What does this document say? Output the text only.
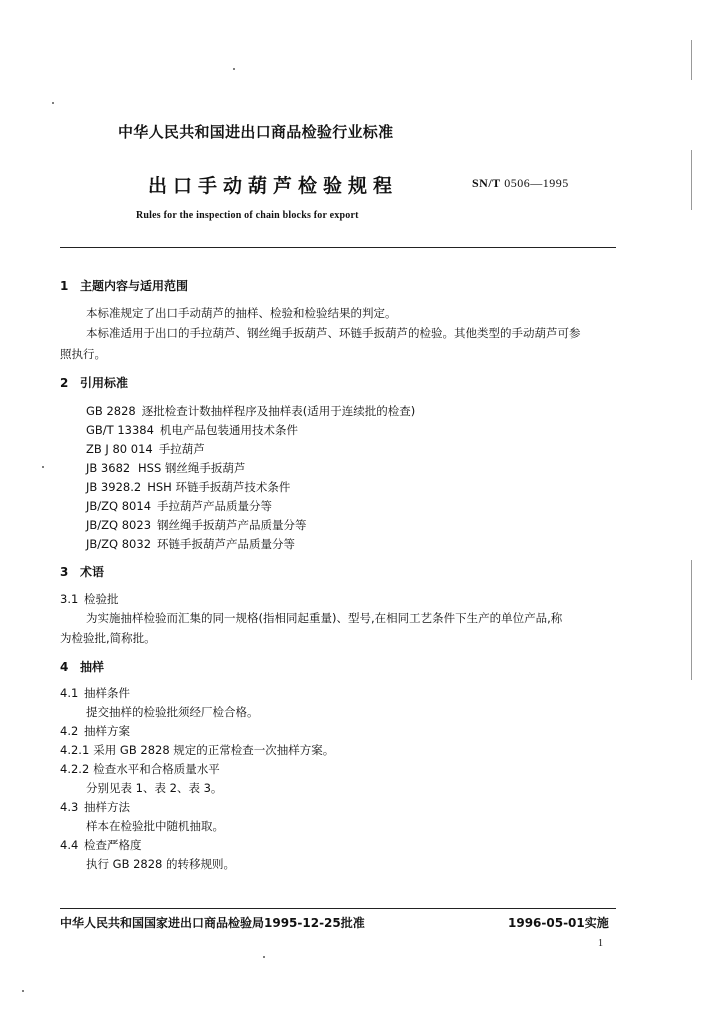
中华人民共和国进出口商品检验行业标准
出口手动葫芦检验规程	SN/T 0506—1995
Rules for the inspection of chain blocks for export
1 主题内容与适用范围
本标准规定了出口手动葫芦的抽样、检验和检验结果的判定。
本标准适用于出口的手拉葫芦、钢丝绳手扳葫芦、环链手扳葫芦的检验。其他类型的手动葫芦可参
照执行。
2 引用标准
GB 2828 逐批检查计数抽样程序及抽样表(适用于连续批的检查)
GB/T 13384 机电产品包装通用技术条件
ZB J 80 014 手拉葫芦
JB 3682 HSS 钢丝绳手扳葫芦
JB 3928.2 HSH 环链手扳葫芦技术条件
JB/ZQ 8014 手拉葫芦产品质量分等
JB/ZQ 8023 钢丝绳手扳葫芦产品质量分等
JB/ZQ 8032 环链手扳葫芦产品质量分等
3 术语
3.1 检验批
为实施抽样检验而汇集的同一规格(指相同起重量)、型号,在相同工艺条件下生产的单位产品,称
为检验批,简称批。
4 抽样
4.1 抽样条件
提交抽样的检验批须经厂检合格。
4.2 抽样方案
4.2.1 采用 GB 2828 规定的正常检查一次抽样方案。
4.2.2 检查水平和合格质量水平
分别见表 1、表 2、表 3。
4.3 抽样方法
样本在检验批中随机抽取。
4.4 检查严格度
执行 GB 2828 的转移规则。
中华人民共和国国家进出口商品检验局1995-12-25批准	1996-05-01实施
1
